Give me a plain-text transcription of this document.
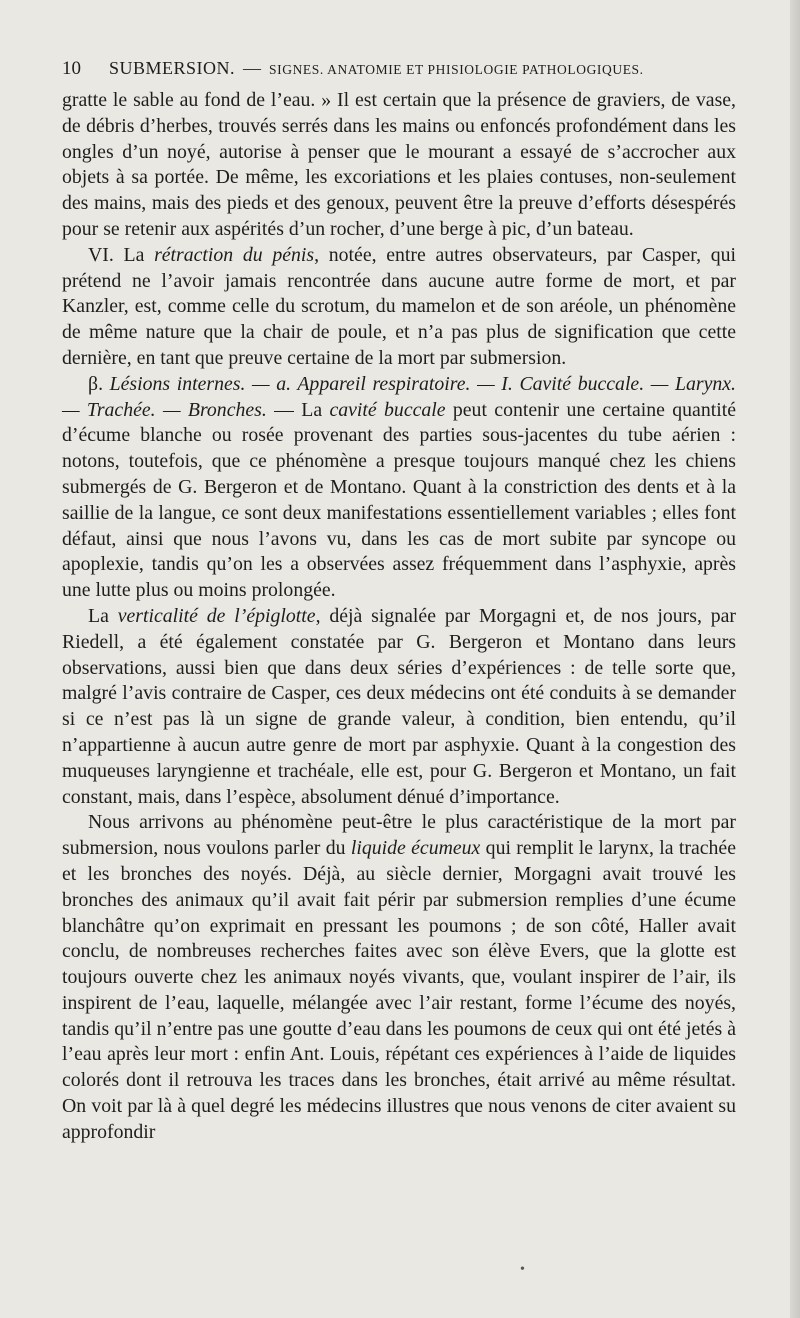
10 SUBMERSION. — SIGNES. ANATOMIE ET PHISIOLOGIE PATHOLOGIQUES.

gratte le sable au fond de l’eau. » Il est certain que la présence de graviers, de vase, de débris d’herbes, trouvés serrés dans les mains ou enfoncés profondément dans les ongles d’un noyé, autorise à penser que le mourant a essayé de s’accrocher aux objets à sa portée. De même, les excoriations et les plaies contuses, non-seulement des mains, mais des pieds et des genoux, peuvent être la preuve d’efforts désespérés pour se retenir aux aspérités d’un rocher, d’une berge à pic, d’un bateau.

VI. La rétraction du pénis, notée, entre autres observateurs, par Casper, qui prétend ne l’avoir jamais rencontrée dans aucune autre forme de mort, et par Kanzler, est, comme celle du scrotum, du mamelon et de son aréole, un phénomène de même nature que la chair de poule, et n’a pas plus de signification que cette dernière, en tant que preuve certaine de la mort par submersion.

β. Lésions internes. — a. Appareil respiratoire. — I. Cavité buccale. — Larynx. — Trachée. — Bronches. — La cavité buccale peut contenir une certaine quantité d’écume blanche ou rosée provenant des parties sous-jacentes du tube aérien : notons, toutefois, que ce phénomène a presque toujours manqué chez les chiens submergés de G. Bergeron et de Montano. Quant à la constriction des dents et à la saillie de la langue, ce sont deux manifestations essentiellement variables ; elles font défaut, ainsi que nous l’avons vu, dans les cas de mort subite par syncope ou apoplexie, tandis qu’on les a observées assez fréquemment dans l’asphyxie, après une lutte plus ou moins prolongée.

La verticalité de l’épiglotte, déjà signalée par Morgagni et, de nos jours, par Riedell, a été également constatée par G. Bergeron et Montano dans leurs observations, aussi bien que dans deux séries d’expériences : de telle sorte que, malgré l’avis contraire de Casper, ces deux médecins ont été conduits à se demander si ce n’est pas là un signe de grande valeur, à condition, bien entendu, qu’il n’appartienne à aucun autre genre de mort par asphyxie. Quant à la congestion des muqueuses laryngienne et trachéale, elle est, pour G. Bergeron et Montano, un fait constant, mais, dans l’espèce, absolument dénué d’importance.

Nous arrivons au phénomène peut-être le plus caractéristique de la mort par submersion, nous voulons parler du liquide écumeux qui remplit le larynx, la trachée et les bronches des noyés. Déjà, au siècle dernier, Morgagni avait trouvé les bronches des animaux qu’il avait fait périr par submersion remplies d’une écume blanchâtre qu’on exprimait en pressant les poumons ; de son côté, Haller avait conclu, de nombreuses recherches faites avec son élève Evers, que la glotte est toujours ouverte chez les animaux noyés vivants, que, voulant inspirer de l’air, ils inspirent de l’eau, laquelle, mélangée avec l’air restant, forme l’écume des noyés, tandis qu’il n’entre pas une goutte d’eau dans les poumons de ceux qui ont été jetés à l’eau après leur mort : enfin Ant. Louis, répétant ces expériences à l’aide de liquides colorés dont il retrouva les traces dans les bronches, était arrivé au même résultat. On voit par là à quel degré les médecins illustres que nous venons de citer avaient su approfondir

•
